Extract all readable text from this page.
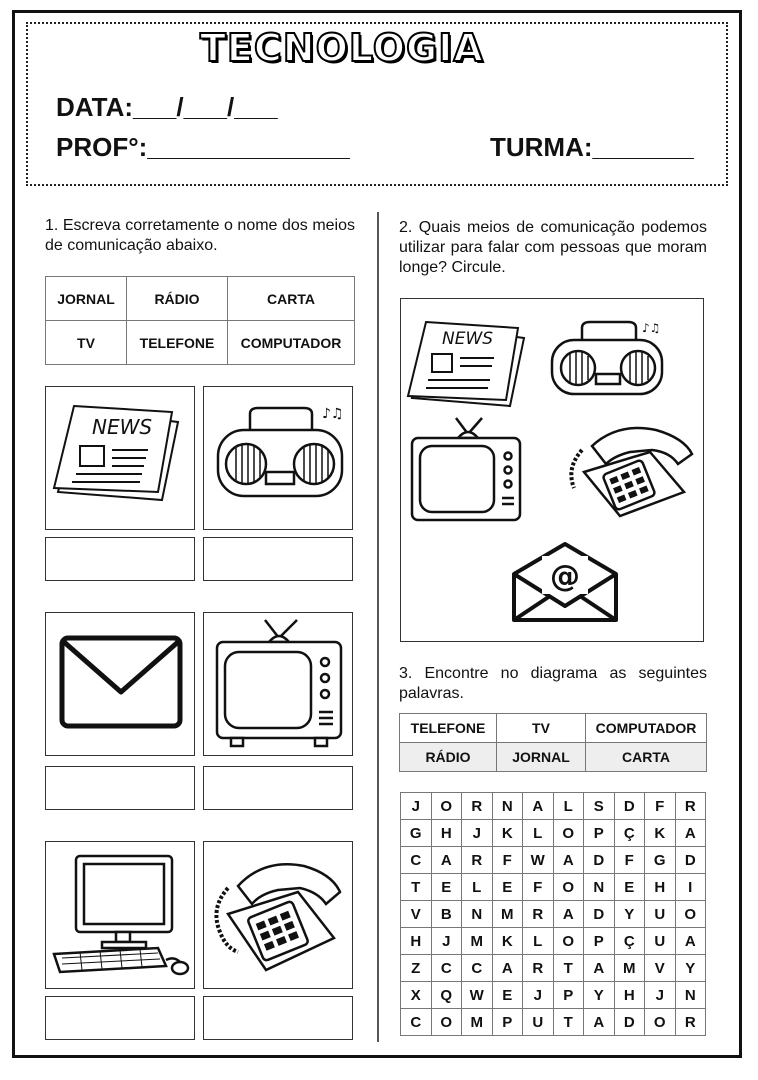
TECNOLOGIA
DATA:___/___/___
PROF°:______________	TURMA:_______
1. Escreva corretamente o nome dos meios de comunicação abaixo.
JORNAL	RÁDIO	CARTA
TV	TELEFONE	COMPUTADOR
NEWS
♪♫
2. Quais meios de comunicação podemos utilizar para falar com pessoas que moram longe? Circule.
NEWS
♪♫
@
3. Encontre no diagrama as seguintes palavras.
TELEFONE	TV	COMPUTADOR
RÁDIO	JORNAL	CARTA
J	O	R	N	A	L	S	D	F	R
G	H	J	K	L	O	P	Ç	K	A
C	A	R	F	W	A	D	F	G	D
T	E	L	E	F	O	N	E	H	I
V	B	N	M	R	A	D	Y	U	O
H	J	M	K	L	O	P	Ç	U	A
Z	C	C	A	R	T	A	M	V	Y
X	Q	W	E	J	P	Y	H	J	N
C	O	M	P	U	T	A	D	O	R
